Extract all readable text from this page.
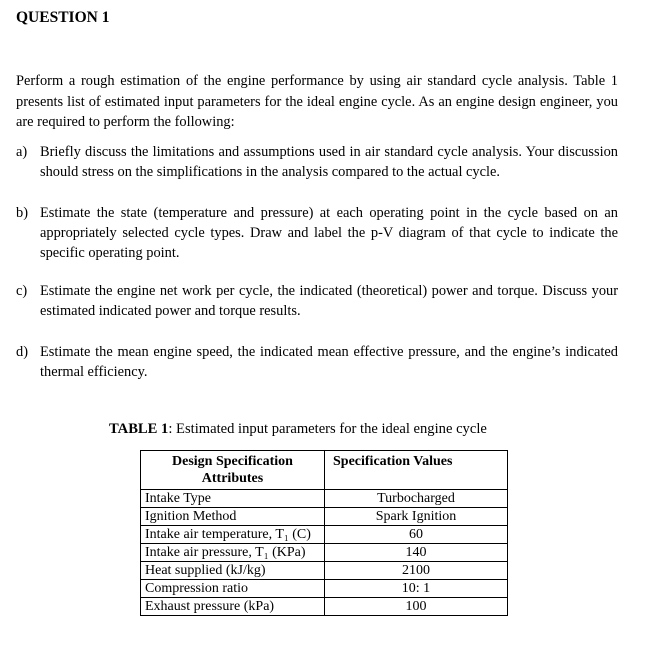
QUESTION 1
Perform a rough estimation of the engine performance by using air standard cycle analysis. Table 1 presents list of estimated input parameters for the ideal engine cycle. As an engine design engineer, you are required to perform the following:
a) Briefly discuss the limitations and assumptions used in air standard cycle analysis. Your discussion should stress on the simplifications in the analysis compared to the actual cycle.
b) Estimate the state (temperature and pressure) at each operating point in the cycle based on an appropriately selected cycle types. Draw and label the p-V diagram of that cycle to indicate the specific operating point.
c) Estimate the engine net work per cycle, the indicated (theoretical) power and torque. Discuss your estimated indicated power and torque results.
d) Estimate the mean engine speed, the indicated mean effective pressure, and the engine’s indicated thermal efficiency.
TABLE 1: Estimated input parameters for the ideal engine cycle
Design Specification Attributes	Specification Values
Intake Type	Turbocharged
Ignition Method	Spark Ignition
Intake air temperature, T₁ (C)	60
Intake air pressure, T₁ (KPa)	140
Heat supplied (kJ/kg)	2100
Compression ratio	10: 1
Exhaust pressure (kPa)	100
